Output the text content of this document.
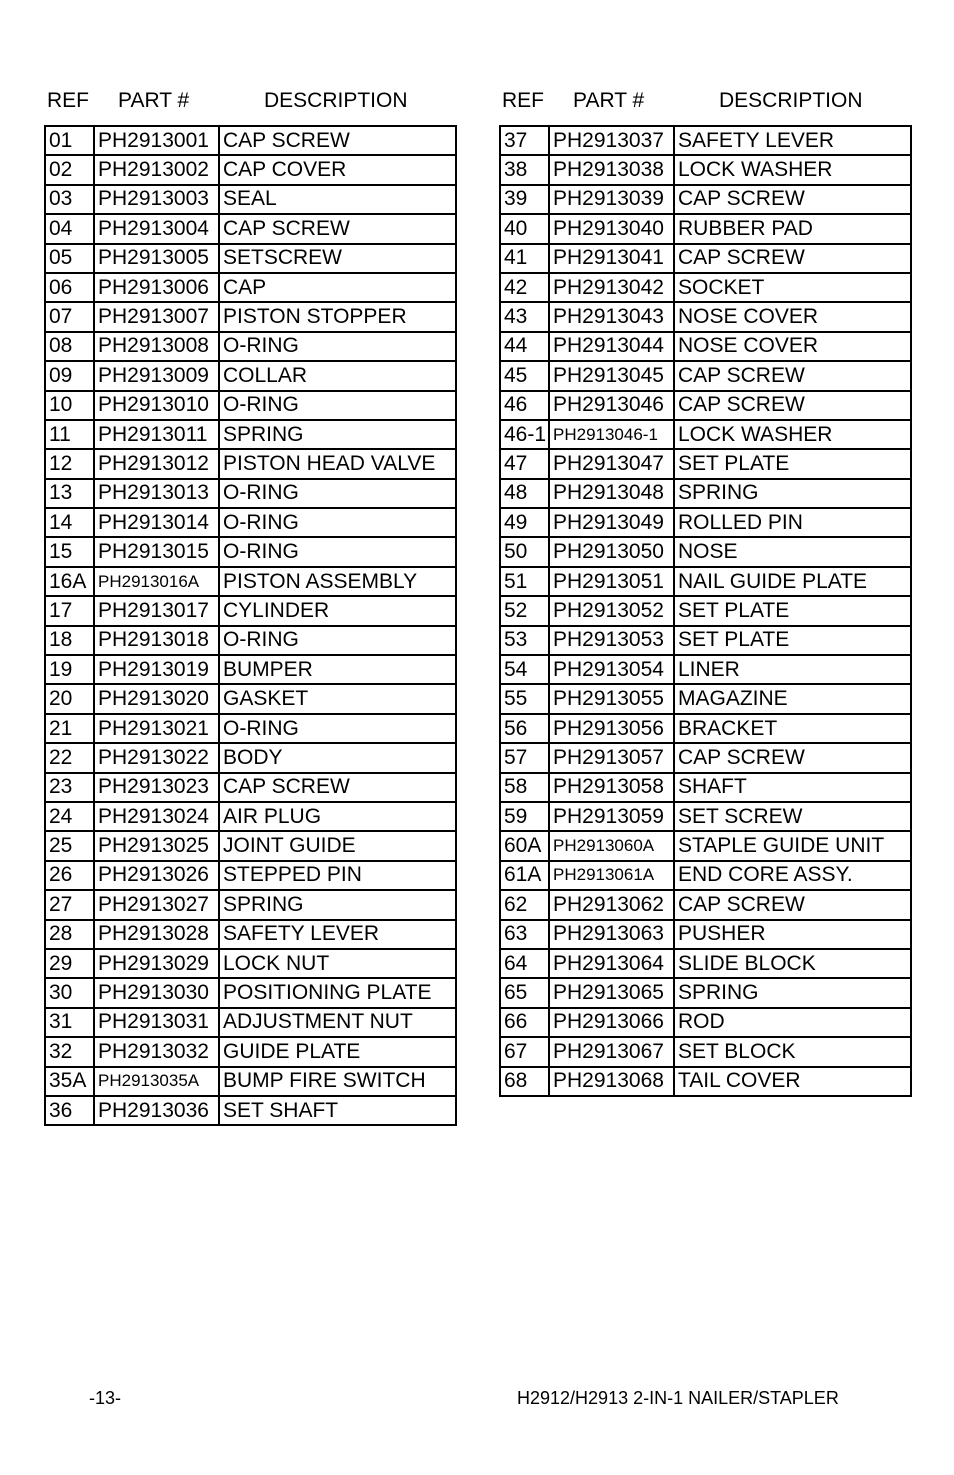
REF PART #	DESCRIPTION	REF PART #	DESCRIPTION
01	PH2913001	CAP SCREW
02	PH2913002	CAP COVER
03	PH2913003	SEAL
04	PH2913004	CAP SCREW
05	PH2913005	SETSCREW
06	PH2913006	CAP
07	PH2913007	PISTON STOPPER
08	PH2913008	O-RING
09	PH2913009	COLLAR
10	PH2913010	O-RING
11	PH2913011	SPRING
12	PH2913012	PISTON HEAD VALVE
13	PH2913013	O-RING
14	PH2913014	O-RING
15	PH2913015	O-RING
16A	PH2913016A	PISTON ASSEMBLY
17	PH2913017	CYLINDER
18	PH2913018	O-RING
19	PH2913019	BUMPER
20	PH2913020	GASKET
21	PH2913021	O-RING
22	PH2913022	BODY
23	PH2913023	CAP SCREW
24	PH2913024	AIR PLUG
25	PH2913025	JOINT GUIDE
26	PH2913026	STEPPED PIN
27	PH2913027	SPRING
28	PH2913028	SAFETY LEVER
29	PH2913029	LOCK NUT
30	PH2913030	POSITIONING PLATE
31	PH2913031	ADJUSTMENT NUT
32	PH2913032	GUIDE PLATE
35A	PH2913035A	BUMP FIRE SWITCH
36	PH2913036	SET SHAFT
37	PH2913037	SAFETY LEVER
38	PH2913038	LOCK WASHER
39	PH2913039	CAP SCREW
40	PH2913040	RUBBER PAD
41	PH2913041	CAP SCREW
42	PH2913042	SOCKET
43	PH2913043	NOSE COVER
44	PH2913044	NOSE COVER
45	PH2913045	CAP SCREW
46	PH2913046	CAP SCREW
46-1	PH2913046-1	LOCK WASHER
47	PH2913047	SET PLATE
48	PH2913048	SPRING
49	PH2913049	ROLLED PIN
50	PH2913050	NOSE
51	PH2913051	NAIL GUIDE PLATE
52	PH2913052	SET PLATE
53	PH2913053	SET PLATE
54	PH2913054	LINER
55	PH2913055	MAGAZINE
56	PH2913056	BRACKET
57	PH2913057	CAP SCREW
58	PH2913058	SHAFT
59	PH2913059	SET SCREW
60A	PH2913060A	STAPLE GUIDE UNIT
61A	PH2913061A	END CORE ASSY.
62	PH2913062	CAP SCREW
63	PH2913063	PUSHER
64	PH2913064	SLIDE BLOCK
65	PH2913065	SPRING
66	PH2913066	ROD
67	PH2913067	SET BLOCK
68	PH2913068	TAIL COVER
-13-	H2912/H2913 2-IN-1 NAILER/STAPLER
